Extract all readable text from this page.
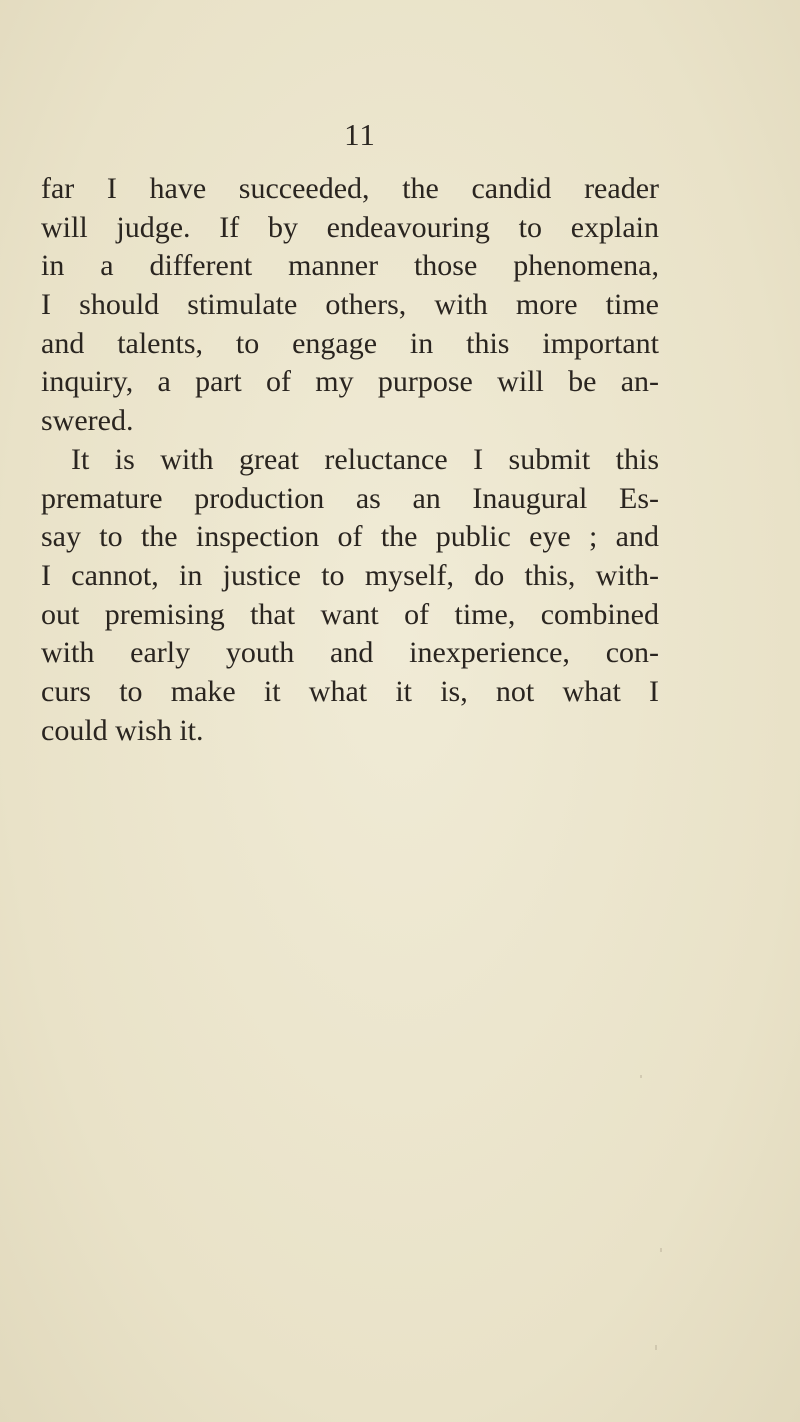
11
far I have succeeded, the candid reader
will judge. If by endeavouring to explain
in a different manner those phenomena,
I should stimulate others, with more time
and talents, to engage in this important
inquiry, a part of my purpose will be an-
swered.
It is with great reluctance I submit this
premature production as an Inaugural Es-
say to the inspection of the public eye ; and
I cannot, in justice to myself, do this, with-
out premising that want of time, combined
with early youth and inexperience, con-
curs to make it what it is, not what I
could wish it.
